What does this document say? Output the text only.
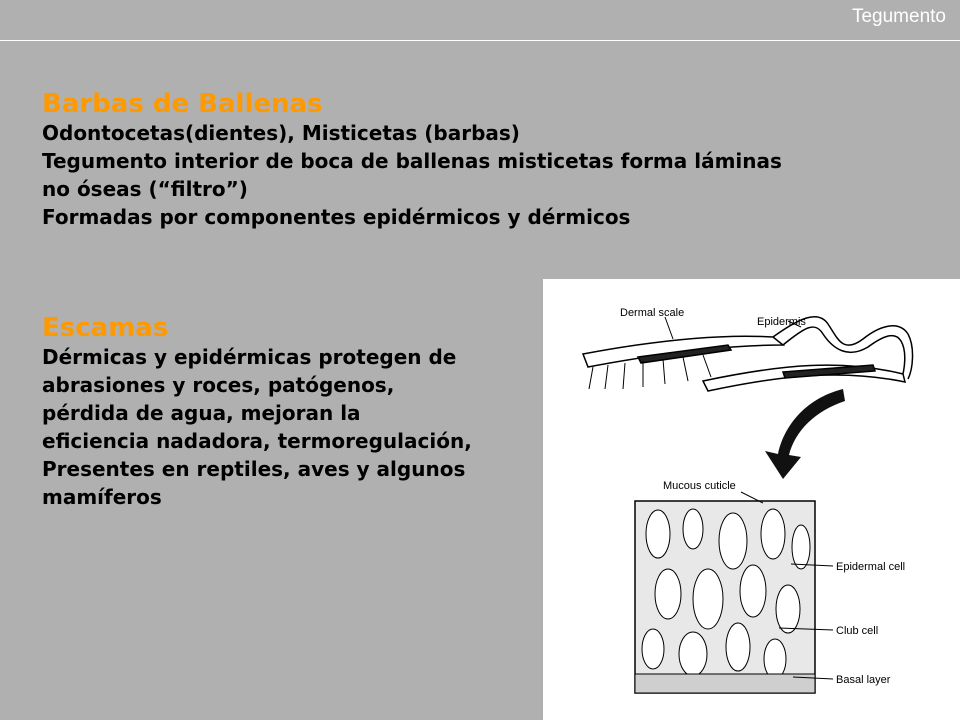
Tegumento
Barbas de Ballenas
Odontocetas(dientes), Misticetas (barbas)
Tegumento interior de boca de ballenas misticetas forma láminas
no óseas (“filtro”)
Formadas por componentes epidérmicos y dérmicos
Escamas
Dérmicas y epidérmicas protegen de
abrasiones y roces, patógenos,
pérdida de agua, mejoran la
eficiencia nadadora, termoregulación,
Presentes en reptiles, aves y algunos
mamíferos
Dermal scale
Epidermis
Mucous cuticle
Epidermal cell
Club cell
Basal layer
